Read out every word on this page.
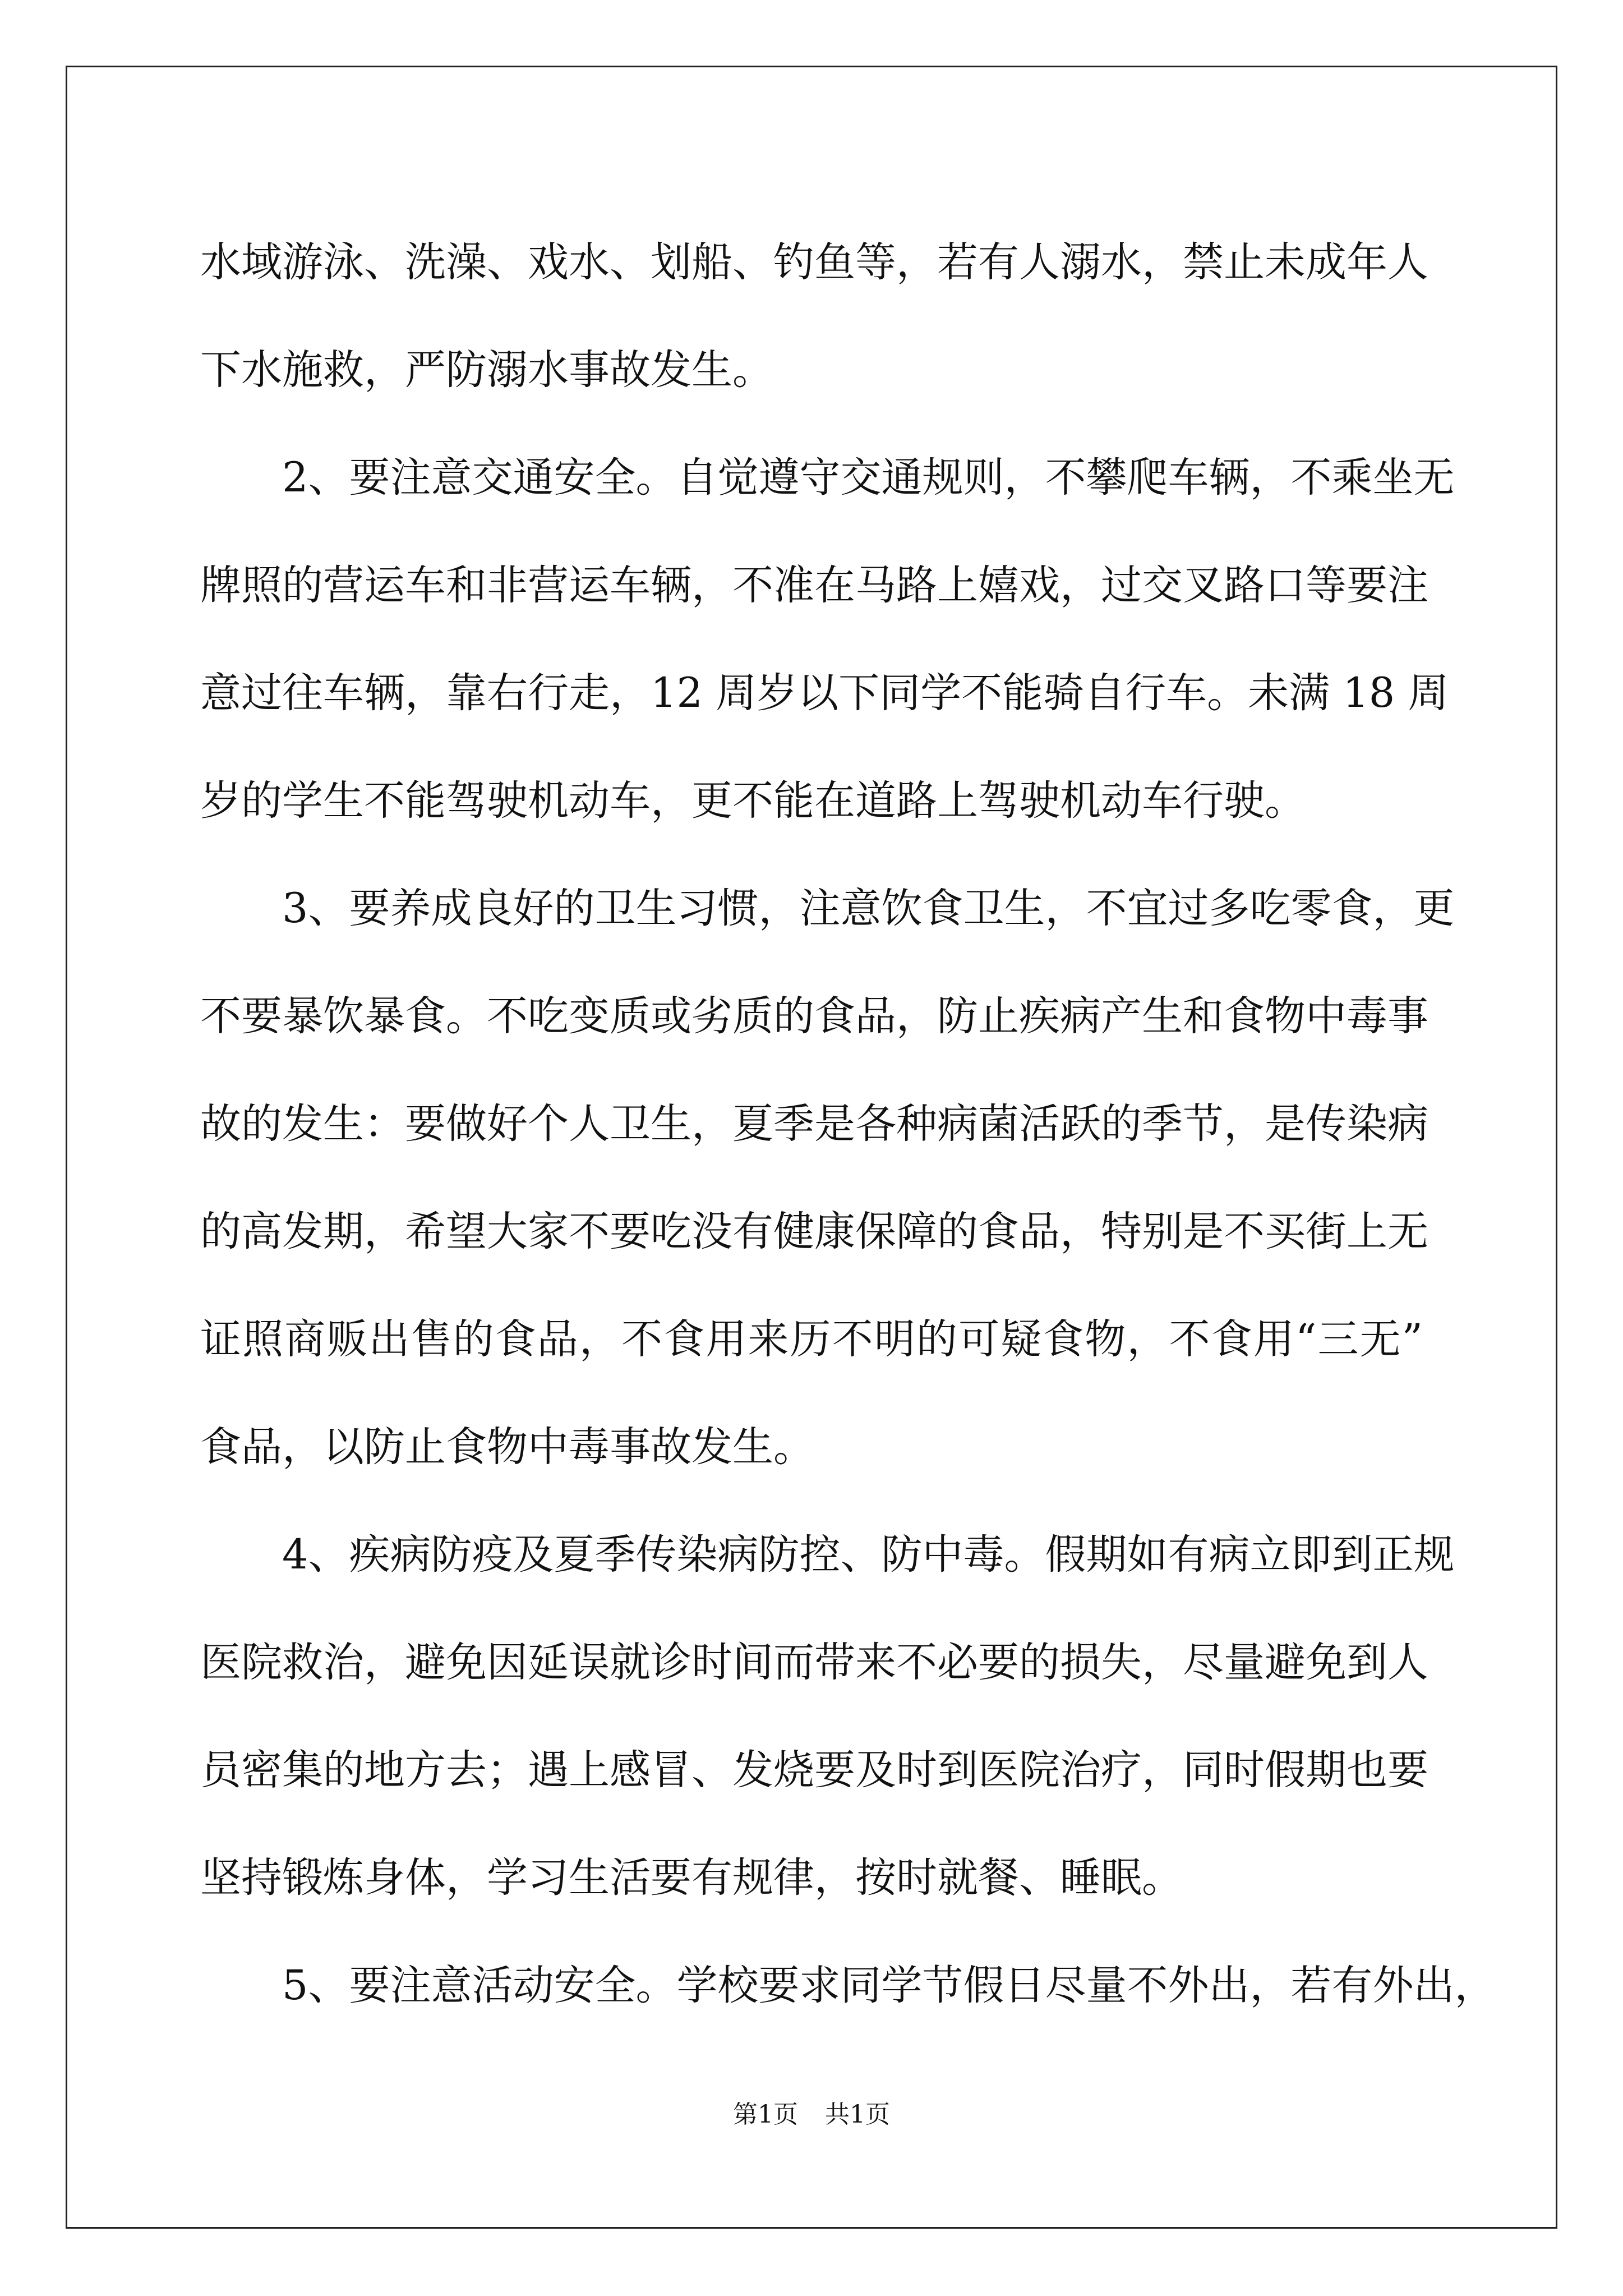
水域游泳、洗澡、戏水、划船、钓鱼等，若有人溺水，禁止未成年人
下水施救，严防溺水事故发生。
2、要注意交通安全。自觉遵守交通规则，不攀爬车辆，不乘坐无
牌照的营运车和非营运车辆，不准在马路上嬉戏，过交叉路口等要注
意过往车辆，靠右行走，12 周岁以下同学不能骑自行车。未满 18 周
岁的学生不能驾驶机动车，更不能在道路上驾驶机动车行驶。
3、要养成良好的卫生习惯，注意饮食卫生，不宜过多吃零食，更
不要暴饮暴食。不吃变质或劣质的食品，防止疾病产生和食物中毒事
故的发生：要做好个人卫生，夏季是各种病菌活跃的季节，是传染病
的高发期，希望大家不要吃没有健康保障的食品，特别是不买街上无
证照商贩出售的食品，不食用来历不明的可疑食物，不食用“三无”
食品，以防止食物中毒事故发生。
4、疾病防疫及夏季传染病防控、防中毒。假期如有病立即到正规
医院救治，避免因延误就诊时间而带来不必要的损失，尽量避免到人
员密集的地方去；遇上感冒、发烧要及时到医院治疗，同时假期也要
坚持锻炼身体，学习生活要有规律，按时就餐、睡眠。
5、要注意活动安全。学校要求同学节假日尽量不外出，若有外出，
第1页 共1页
